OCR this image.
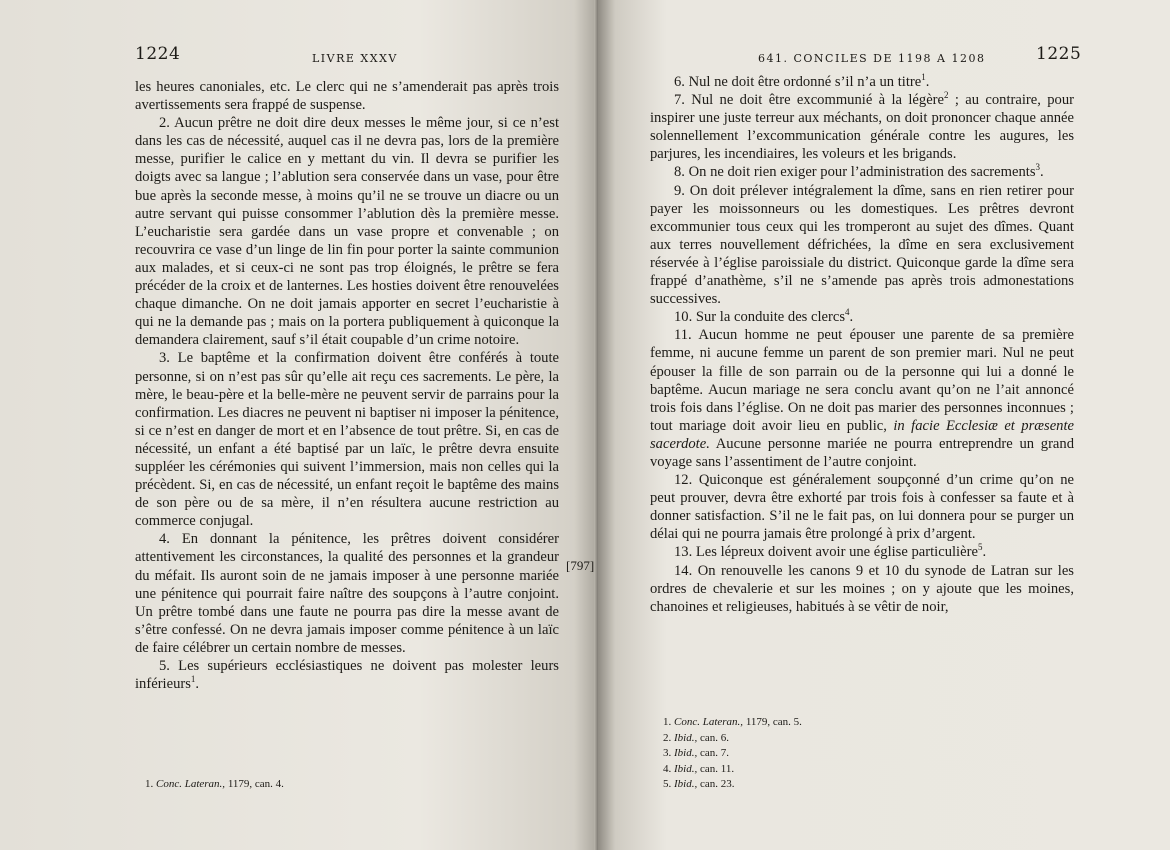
1224	LIVRE XXXV

les heures canoniales, etc. Le clerc qui ne s’amenderait pas après trois avertissements sera frappé de suspense.

2. Aucun prêtre ne doit dire deux messes le même jour, si ce n’est dans les cas de nécessité, auquel cas il ne devra pas, lors de la première messe, purifier le calice en y mettant du vin. Il devra se purifier les doigts avec sa langue ; l’ablution sera conservée dans un vase, pour être bue après la seconde messe, à moins qu’il ne se trouve un diacre ou un autre servant qui puisse consommer l’ablution dès la première messe. L’eucharistie sera gardée dans un vase propre et convenable ; on recouvrira ce vase d’un linge de lin fin pour porter la sainte communion aux malades, et si ceux-ci ne sont pas trop éloignés, le prêtre se fera précéder de la croix et de lanternes. Les hosties doivent être renouvelées chaque dimanche. On ne doit jamais apporter en secret l’eucharistie à qui ne la demande pas ; mais on la portera publiquement à quiconque la demandera clairement, sauf s’il était coupable d’un crime notoire.

3. Le baptême et la confirmation doivent être conférés à toute personne, si on n’est pas sûr qu’elle ait reçu ces sacrements. Le père, la mère, le beau-père et la belle-mère ne peuvent servir de parrains pour la confirmation. Les diacres ne peuvent ni baptiser ni imposer la pénitence, si ce n’est en danger de mort et en l’absence de tout prêtre. Si, en cas de nécessité, un enfant a été baptisé par un laïc, le prêtre devra ensuite suppléer les cérémonies qui suivent l’immersion, mais non celles qui la précèdent. Si, en cas de nécessité, un enfant reçoit le baptême des mains de son père ou de sa mère, il n’en résultera aucune restriction au commerce conjugal.

4. En donnant la pénitence, les prêtres doivent considérer attentivement les circonstances, la qualité des personnes et la grandeur du méfait. Ils auront soin de ne jamais imposer à une personne mariée une pénitence qui pourrait faire naître des soupçons à l’autre conjoint. Un prêtre tombé dans une faute ne pourra pas dire la messe avant de s’être confessé. On ne devra jamais imposer comme pénitence à un laïc de faire célébrer un certain nombre de messes.

5. Les supérieurs ecclésiastiques ne doivent pas molester leurs inférieurs$^1$.

1. Conc. Lateran., 1179, can. 4.

[797]
641. CONCILES DE 1198 A 1208	1225

6. Nul ne doit être ordonné s’il n’a un titre$^1$.

7. Nul ne doit être excommunié à la légère$^2$ ; au contraire, pour inspirer une juste terreur aux méchants, on doit prononcer chaque année solennellement l’excommunication générale contre les augures, les parjures, les incendiaires, les voleurs et les brigands.

8. On ne doit rien exiger pour l’administration des sacrements$^3$.

9. On doit prélever intégralement la dîme, sans en rien retirer pour payer les moissonneurs ou les domestiques. Les prêtres devront excommunier tous ceux qui les tromperont au sujet des dîmes. Quant aux terres nouvellement défrichées, la dîme en sera exclusivement réservée à l’église paroissiale du district. Quiconque garde la dîme sera frappé d’anathème, s’il ne s’amende pas après trois admonestations successives.

10. Sur la conduite des clercs$^4$.

11. Aucun homme ne peut épouser une parente de sa première femme, ni aucune femme un parent de son premier mari. Nul ne peut épouser la fille de son parrain ou de la personne qui lui a donné le baptême. Aucun mariage ne sera conclu avant qu’on ne l’ait annoncé trois fois dans l’église. On ne doit pas marier des personnes inconnues ; tout mariage doit avoir lieu en public, in facie Ecclesiæ et præsente sacerdote. Aucune personne mariée ne pourra entreprendre un grand voyage sans l’assentiment de l’autre conjoint.

12. Quiconque est généralement soupçonné d’un crime qu’on ne peut prouver, devra être exhorté par trois fois à confesser sa faute et à donner satisfaction. S’il ne le fait pas, on lui donnera pour se purger un délai qui ne pourra jamais être prolongé à prix d’argent.

13. Les lépreux doivent avoir une église particulière$^5$.

14. On renouvelle les canons 9 et 10 du synode de Latran sur les ordres de chevalerie et sur les moines ; on y ajoute que les moines, chanoines et religieuses, habitués à se vêtir de noir,

1. Conc. Lateran., 1179, can. 5.

2. Ibid., can. 6.

3. Ibid., can. 7.

4. Ibid., can. 11.

5. Ibid., can. 23.
